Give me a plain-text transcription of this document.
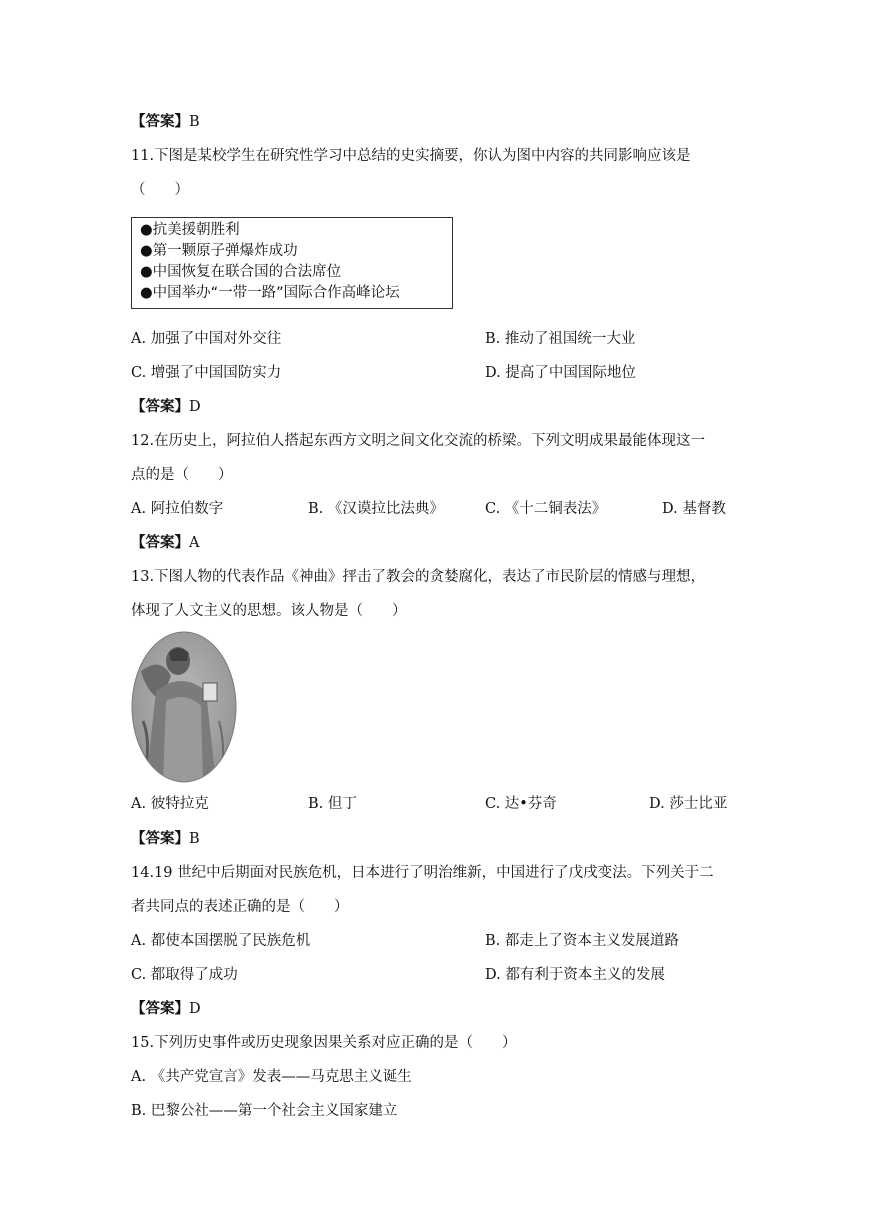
【答案】B
11.下图是某校学生在研究性学习中总结的史实摘要，你认为图中内容的共同影响应该是
（　　）
●抗美援朝胜利
●第一颗原子弹爆炸成功
●中国恢复在联合国的合法席位
●中国举办“一带一路”国际合作高峰论坛
A. 加强了中国对外交往	B. 推动了祖国统一大业
C. 增强了中国国防实力	D. 提高了中国国际地位
【答案】D
12.在历史上，阿拉伯人搭起东西方文明之间文化交流的桥梁。下列文明成果最能体现这一
点的是（　　）
A. 阿拉伯数字	B. 《汉谟拉比法典》	C. 《十二铜表法》	D. 基督教
【答案】A
13.下图人物的代表作品《神曲》抨击了教会的贪婪腐化，表达了市民阶层的情感与理想，
体现了人文主义的思想。该人物是（　　）
A. 彼特拉克	B. 但丁	C. 达•芬奇	D. 莎士比亚
【答案】B
14.19 世纪中后期面对民族危机，日本进行了明治维新，中国进行了戊戌变法。下列关于二
者共同点的表述正确的是（　　）
A. 都使本国摆脱了民族危机	B. 都走上了资本主义发展道路
C. 都取得了成功	D. 都有利于资本主义的发展
【答案】D
15.下列历史事件或历史现象因果关系对应正确的是（　　）
A. 《共产党宣言》发表——马克思主义诞生
B. 巴黎公社——第一个社会主义国家建立
